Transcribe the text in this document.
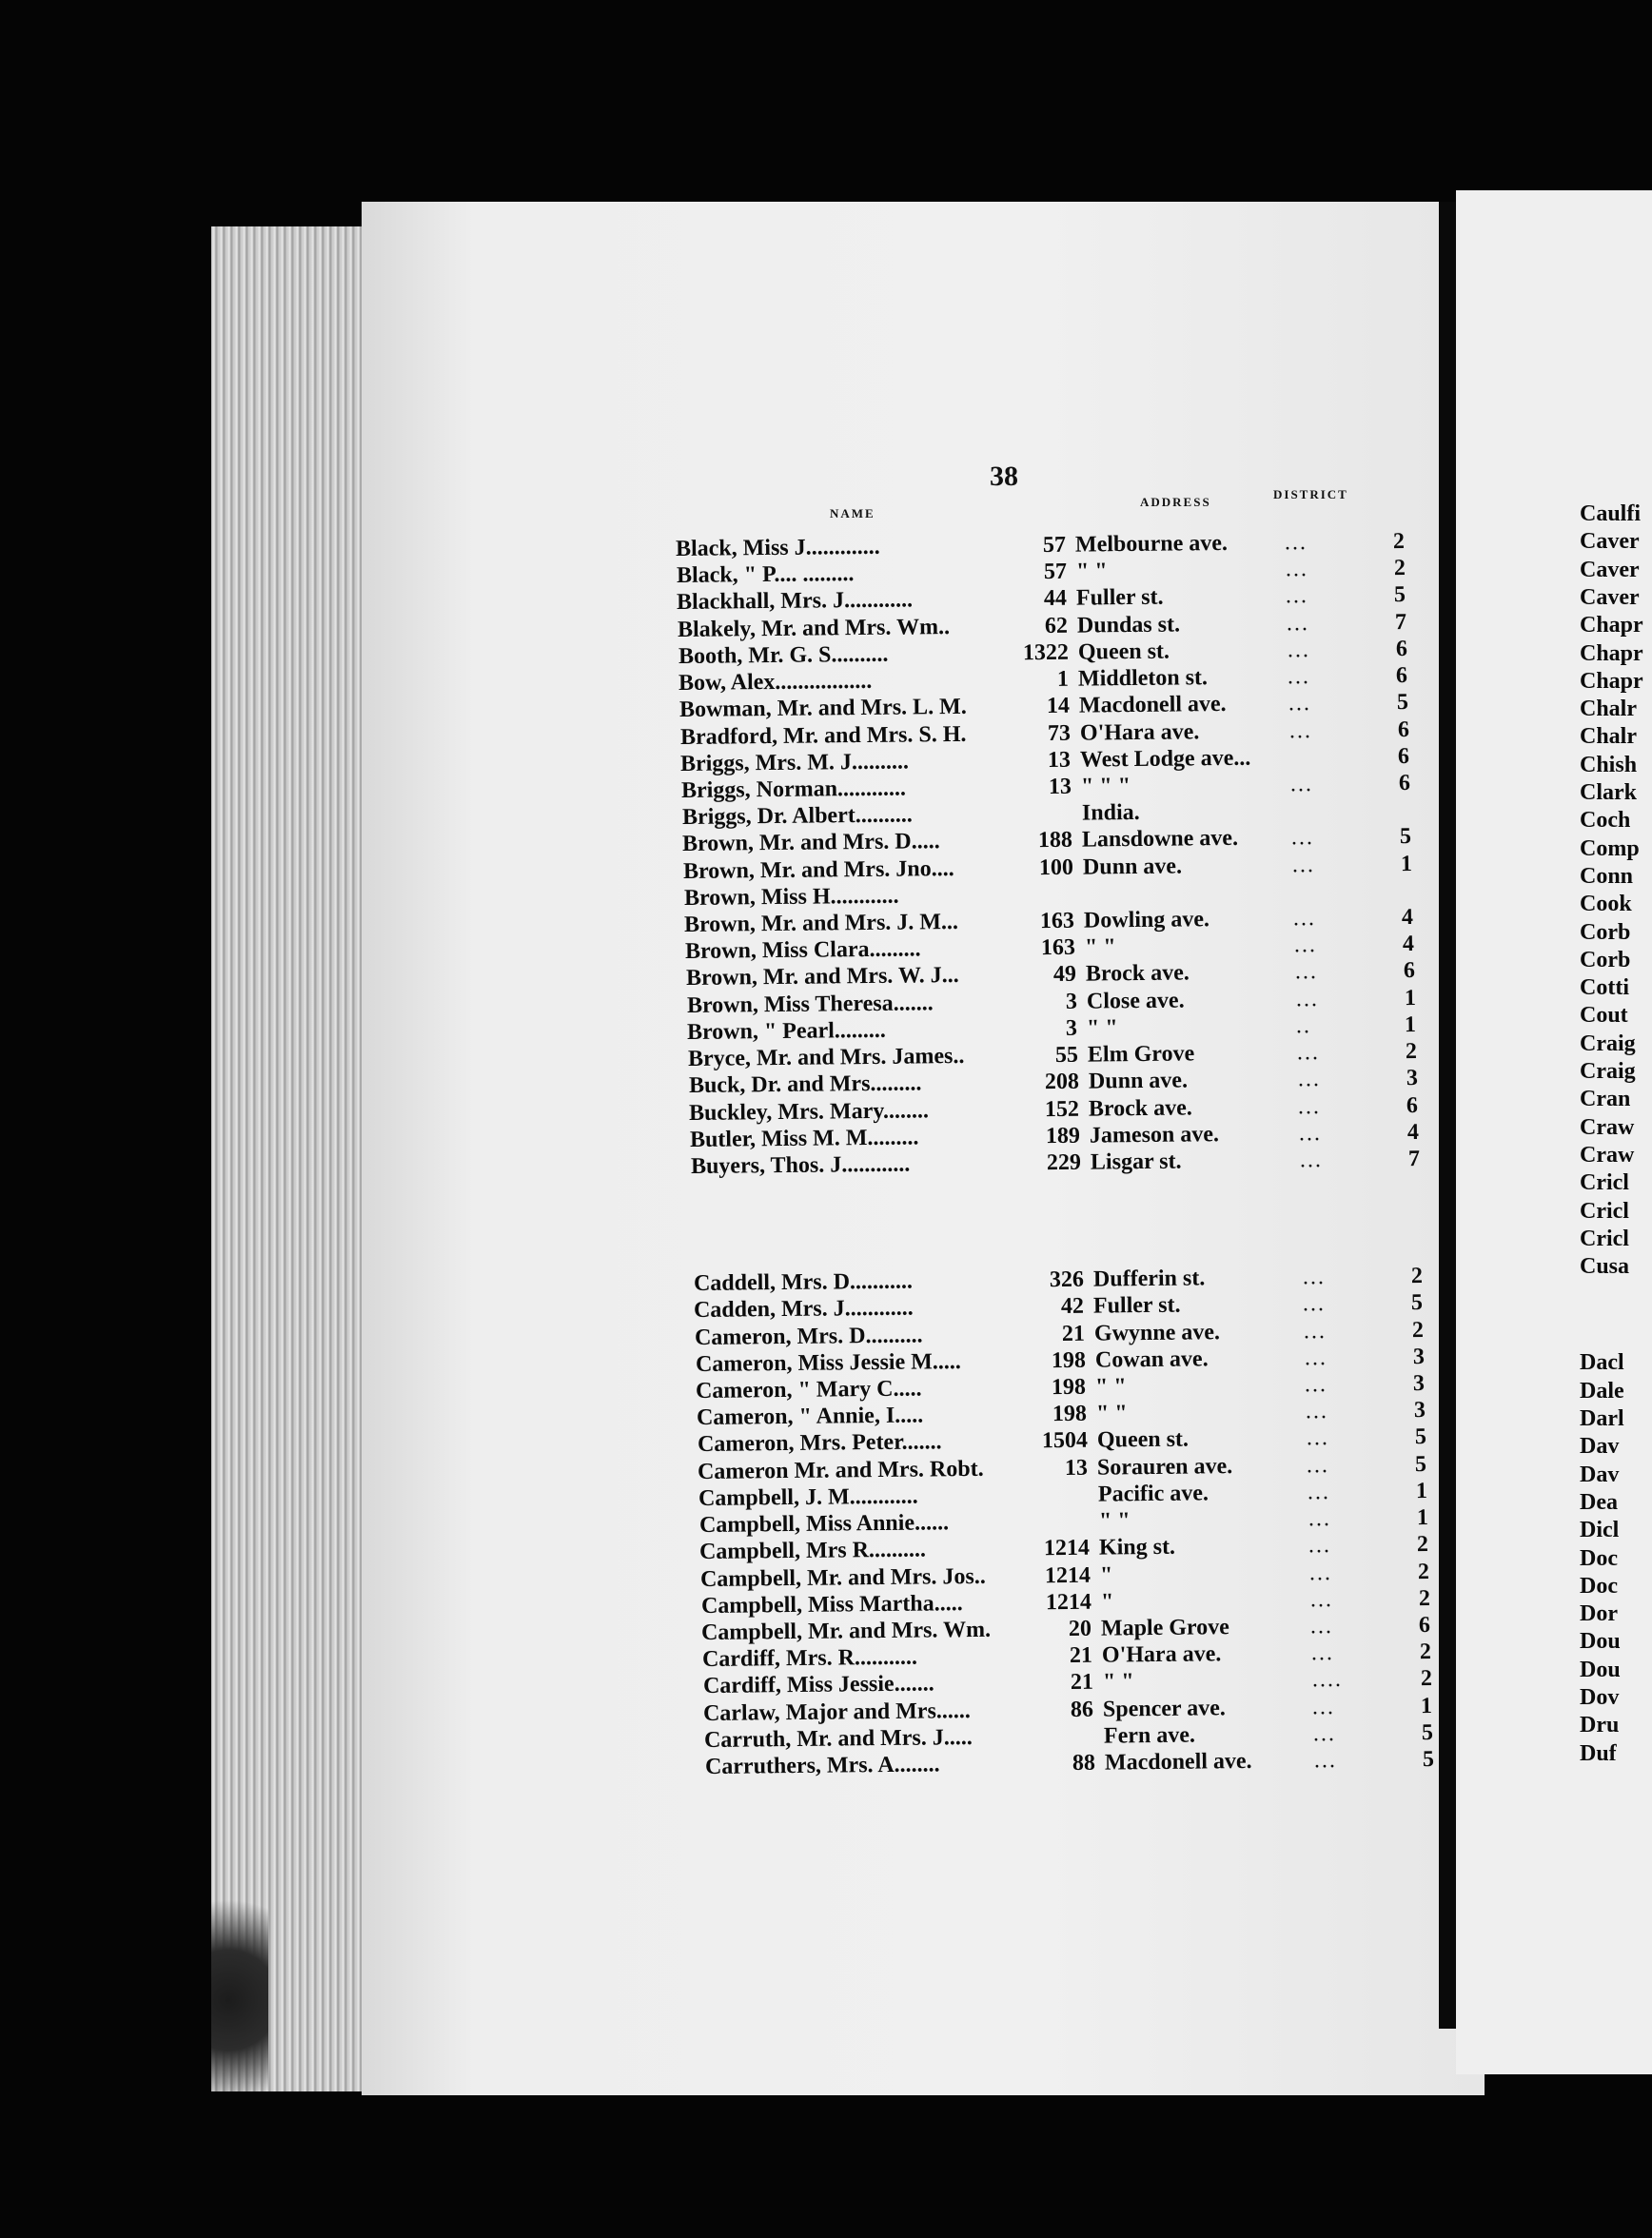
38
NAME
ADDRESS
DISTRICT
Black, Miss J.............	57 Melbourne ave. ...	2
Black, " P.... .........	57 " "	...	2
Blackhall, Mrs. J............	44 Fuller st.	...	5
Blakely, Mr. and Mrs. Wm..	62 Dundas st.	...	7
Booth, Mr. G. S..........	1322 Queen st.	...	6
Bow, Alex.................	1 Middleton st.	...	6
Bowman, Mr. and Mrs. L. M.	14 Macdonell ave.	...	5
Bradford, Mr. and Mrs. S. H.	73 O'Hara ave.	...	6
Briggs, Mrs. M. J..........	13 West Lodge ave...	6
Briggs, Norman............	13 " " "	...	6
Briggs, Dr. Albert..........	India.
Brown, Mr. and Mrs. D.....	188 Lansdowne ave. ...	5
Brown, Mr. and Mrs. Jno....	100 Dunn ave.	...	1
Brown, Miss H............
Brown, Mr. and Mrs. J. M...	163 Dowling ave.	...	4
Brown, Miss Clara.........	163 " "	...	4
Brown, Mr. and Mrs. W. J...	49 Brock ave.	...	6
Brown, Miss Theresa.......	3 Close ave.	...	1
Brown, " Pearl.........	3 " "	..	1
Bryce, Mr. and Mrs. James..	55 Elm Grove	...	2
Buck, Dr. and Mrs.........	208 Dunn ave.	...	3
Buckley, Mrs. Mary........	152 Brock ave.	...	6
Butler, Miss M. M.........	189 Jameson ave.	...	4
Buyers, Thos. J............	229 Lisgar st.	...	7
Caddell, Mrs. D...........	326 Dufferin st.	...	2
Cadden, Mrs. J............	42 Fuller st.	...	5
Cameron, Mrs. D..........	21 Gwynne ave.	...	2
Cameron, Miss Jessie M.....	198 Cowan ave.	...	3
Cameron, " Mary C.....	198 " "	...	3
Cameron, " Annie, I.....	198 " "	...	3
Cameron, Mrs. Peter.......	1504 Queen st.	...	5
Cameron Mr. and Mrs. Robt.	13 Sorauren ave.	...	5
Campbell, J. M............	Pacific ave.	...	1
Campbell, Miss Annie......	" "	...	1
Campbell, Mrs R..........	1214 King st.	...	2
Campbell, Mr. and Mrs. Jos..	1214 "	...	2
Campbell, Miss Martha.....	1214 "	...	2
Campbell, Mr. and Mrs. Wm.	20 Maple Grove	...	6
Cardiff, Mrs. R...........	21 O'Hara ave.	...	2
Cardiff, Miss Jessie.......	21 " "	....	2
Carlaw, Major and Mrs......	86 Spencer ave.	...	1
Carruth, Mr. and Mrs. J.....	Fern ave.	...	5
Carruthers, Mrs. A........	88 Macdonell ave.	...	5
Caulfi
Caver
Caver
Caver
Chapr
Chapr
Chapr
Chalr
Chalr
Chish
Clark
Coch
Comp
Conn
Cook
Corb
Corb
Cotti
Cout
Craig
Craig
Cran
Craw
Craw
Cricl
Cricl
Cricl
Cusa
Dacl
Dale
Darl
Dav
Dav
Dea
Dicl
Doc
Doc
Dor
Dou
Dou
Dov
Dru
Duf
